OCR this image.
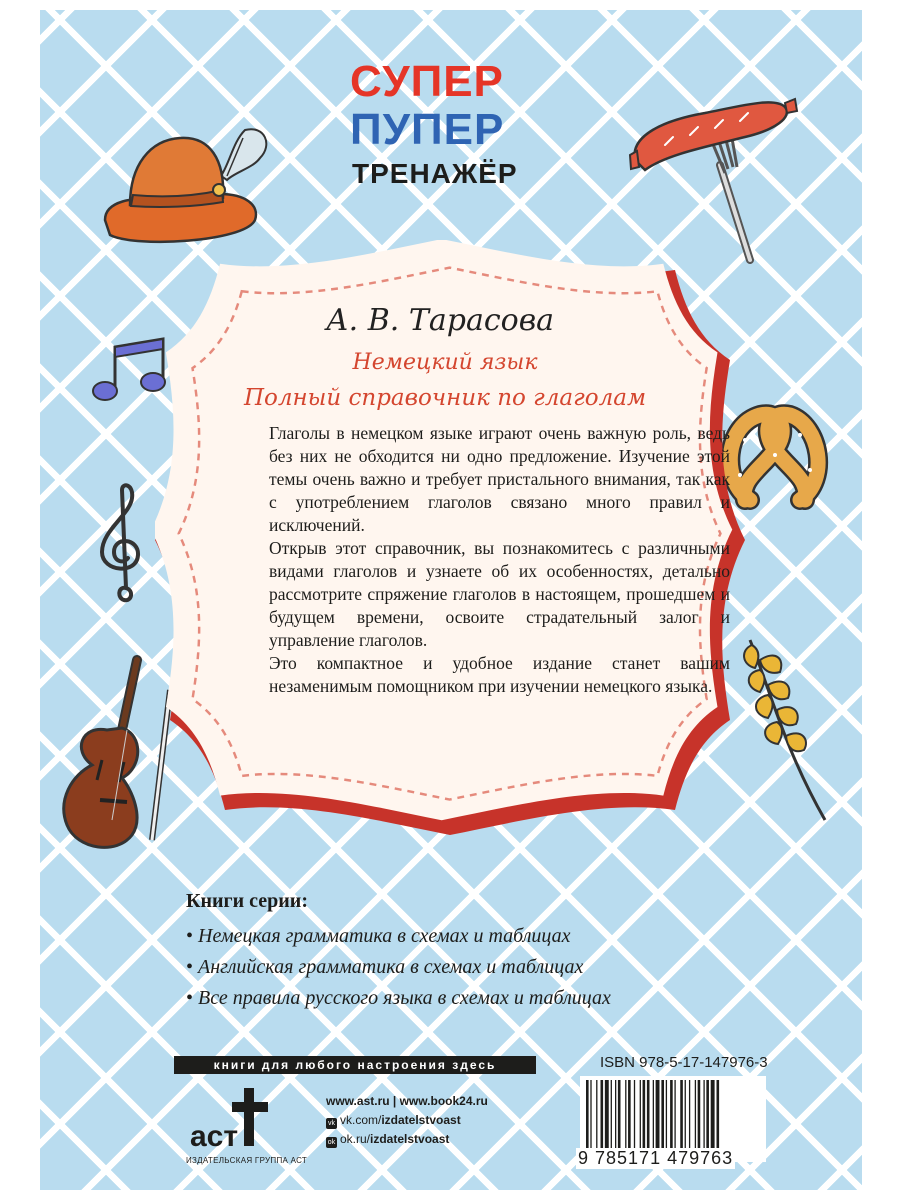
СУПЕР
ПУПЕР
ТРЕНАЖЁР
А. В. Тарасова
Немецкий язык
Полный справочник по глаголам

Глаголы в немецком языке играют очень важную роль, ведь без них не обходится ни одно предложение. Изучение этой темы очень важно и требует пристального внимания, так как с употреблением глаголов связано много правил и исключений.

Открыв этот справочник, вы познакомитесь с различными видами глаголов и узнаете об их особенностях, детально рассмотрите спряжение глаголов в настоящем, прошедшем и будущем времени, освоите страдательный залог и управление глаголов.

Это компактное и удобное издание станет вашим незаменимым помощником при изучении немецкого языка.

Книги серии:
• Немецкая грамматика в схемах и таблицах
• Английская грамматика в схемах и таблицах
• Все правила русского языка в схемах и таблицах
книги для любого настроения здесь
аст
ИЗДАТЕЛЬСКАЯ ГРУППА АСТ
www.ast.ru | www.book24.ru
vk vk.com/izdatelstvoast
ok ok.ru/izdatelstvoast
ISBN 978-5-17-147976-3
9 785171 479763
